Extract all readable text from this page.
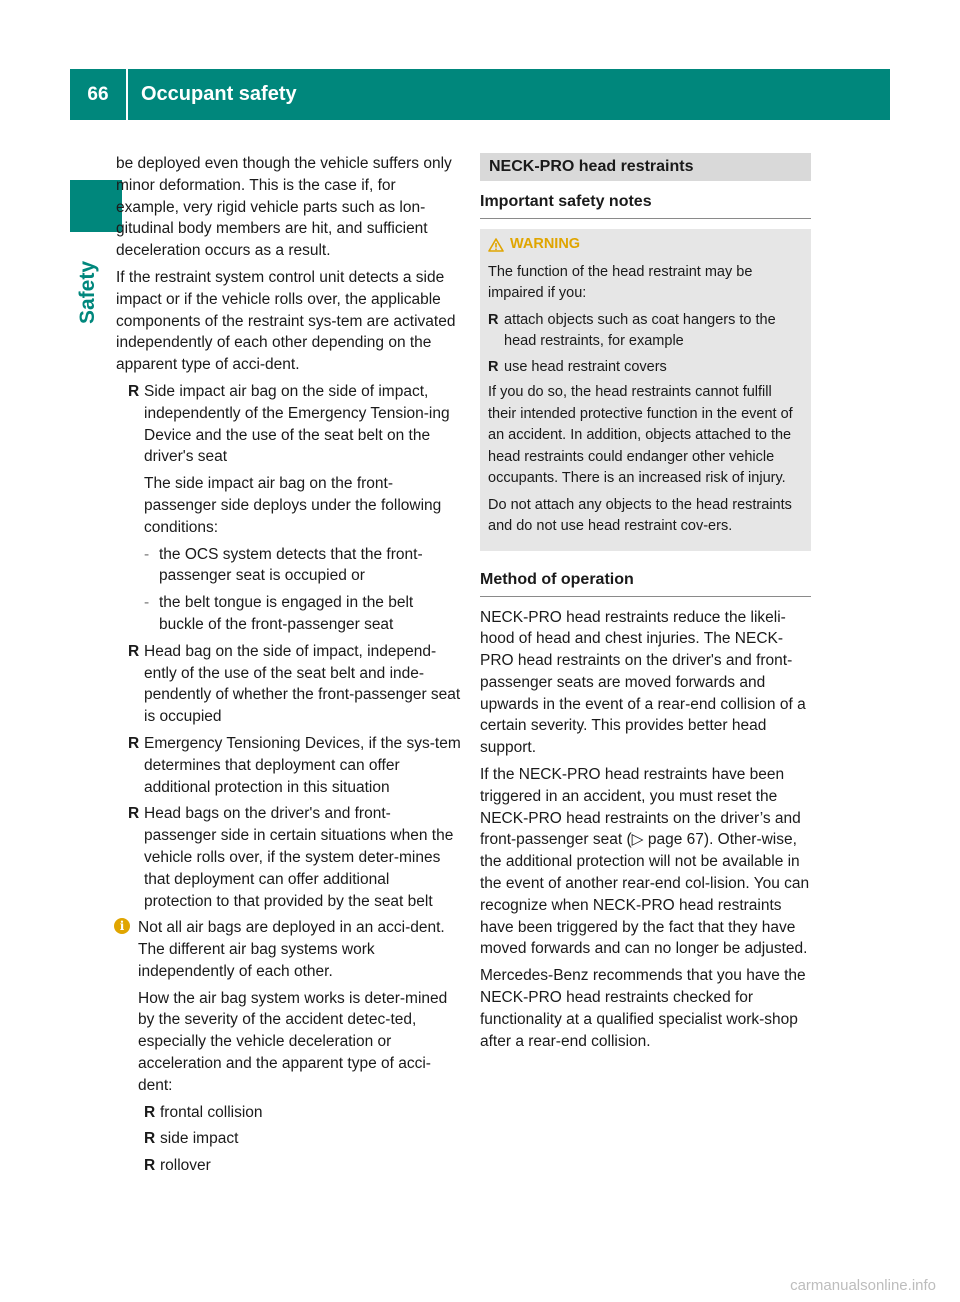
66	Occupant safety
Safety

be deployed even though the vehicle suffers only minor deformation. This is the case if, for example, very rigid vehicle parts such as lon-gitudinal body members are hit, and sufficient deceleration occurs as a result.

If the restraint system control unit detects a side impact or if the vehicle rolls over, the applicable components of the restraint sys-tem are activated independently of each other depending on the apparent type of acci-dent.

R Side impact air bag on the side of impact, independently of the Emergency Tension-ing Device and the use of the seat belt on the driver's seat

The side impact air bag on the front-passenger side deploys under the following conditions:

- the OCS system detects that the front-passenger seat is occupied or
- the belt tongue is engaged in the belt buckle of the front-passenger seat
R Head bag on the side of impact, independ-ently of the use of the seat belt and inde-pendently of whether the front-passenger seat is occupied
R Emergency Tensioning Devices, if the sys-tem determines that deployment can offer additional protection in this situation
R Head bags on the driver's and front-passenger side in certain situations when the vehicle rolls over, if the system deter-mines that deployment can offer additional protection to that provided by the seat belt
i Not all air bags are deployed in an acci-dent. The different air bag systems work independently of each other.

How the air bag system works is deter-mined by the severity of the accident detec-ted, especially the vehicle deceleration or acceleration and the apparent type of acci-dent:

R frontal collision
R side impact
R rollover
NECK-PRO head restraints
Important safety notes
WARNING

The function of the head restraint may be impaired if you:

R attach objects such as coat hangers to the head restraints, for example
R use head restraint covers

If you do so, the head restraints cannot fulfill their intended protective function in the event of an accident. In addition, objects attached to the head restraints could endanger other vehicle occupants. There is an increased risk of injury.

Do not attach any objects to the head restraints and do not use head restraint cov-ers.

Method of operation

NECK-PRO head restraints reduce the likeli-hood of head and chest injuries. The NECK-PRO head restraints on the driver's and front-passenger seats are moved forwards and upwards in the event of a rear-end collision of a certain severity. This provides better head support.

If the NECK-PRO head restraints have been triggered in an accident, you must reset the NECK-PRO head restraints on the driver’s and front-passenger seat (▷ page 67). Other-wise, the additional protection will not be available in the event of another rear-end col-lision. You can recognize when NECK-PRO head restraints have been triggered by the fact that they have moved forwards and can no longer be adjusted.

Mercedes-Benz recommends that you have the NECK-PRO head restraints checked for functionality at a qualified specialist work-shop after a rear-end collision.

carmanualsonline.info
